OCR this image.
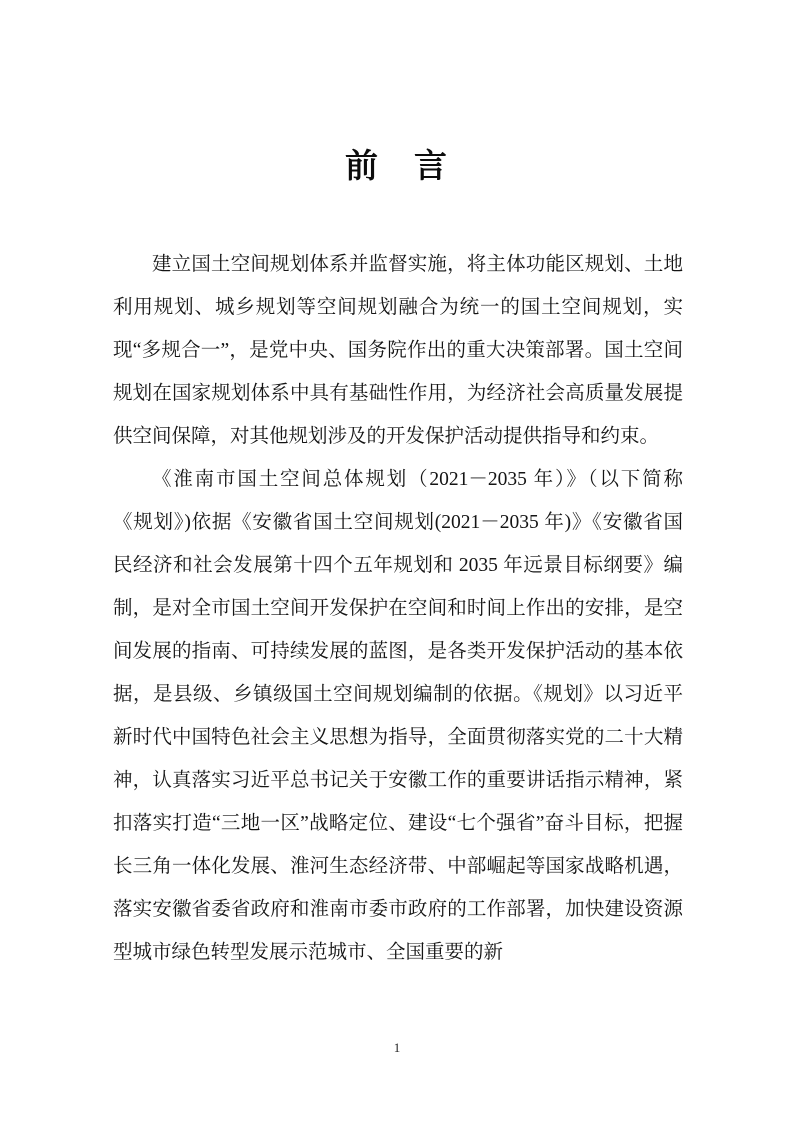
前 言

建立国土空间规划体系并监督实施，将主体功能区规划、土地利用规划、城乡规划等空间规划融合为统一的国土空间规划，实现“多规合一”，是党中央、国务院作出的重大决策部署。国土空间规划在国家规划体系中具有基础性作用，为经济社会高质量发展提供空间保障，对其他规划涉及的开发保护活动提供指导和约束。

《淮南市国土空间总体规划（2021－2035 年）》（以下简称《规划》)依据《安徽省国土空间规划(2021－2035 年)》《安徽省国民经济和社会发展第十四个五年规划和 2035 年远景目标纲要》编制，是对全市国土空间开发保护在空间和时间上作出的安排，是空间发展的指南、可持续发展的蓝图，是各类开发保护活动的基本依据，是县级、乡镇级国土空间规划编制的依据。《规划》以习近平新时代中国特色社会主义思想为指导，全面贯彻落实党的二十大精神，认真落实习近平总书记关于安徽工作的重要讲话指示精神，紧扣落实打造“三地一区”战略定位、建设“七个强省”奋斗目标，把握长三角一体化发展、淮河生态经济带、中部崛起等国家战略机遇，落实安徽省委省政府和淮南市委市政府的工作部署，加快建设资源型城市绿色转型发展示范城市、全国重要的新

1
